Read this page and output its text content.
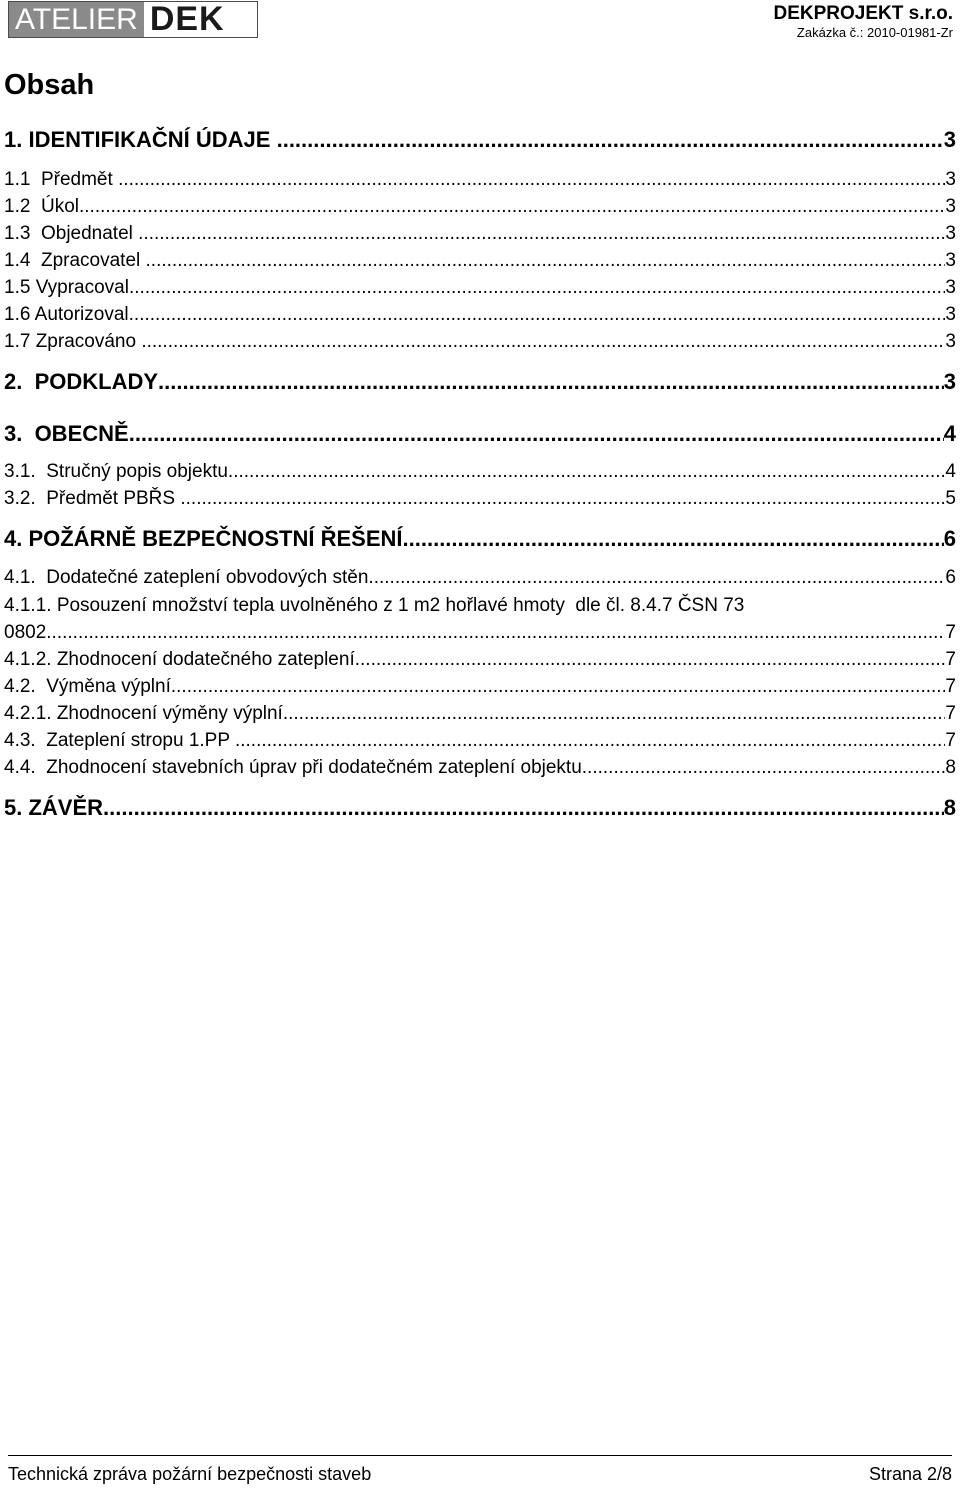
ATELIER DEK	DEKPROJEKT s.r.o.
Zakázka č.: 2010-01981-Zr
Obsah
1. IDENTIFIKAČNÍ ÚDAJE .....	3
1.1  Předmět .....	3
1.2  Úkol .....	3
1.3  Objednatel .....	3
1.4  Zpracovatel .....	3
1.5 Vypracoval .....	3
1.6 Autorizoval .....	3
1.7 Zpracováno .....	3
2.  PODKLADY .....	3
3.  OBECNĚ .....	4
3.1.  Stručný popis objektu .....	4
3.2.  Předmět PBŘS .....	5
4. POŽÁRNĚ BEZPEČNOSTNÍ ŘEŠENÍ .....	6
4.1.  Dodatečné zateplení obvodových stěn .....	6
4.1.1. Posouzení množství tepla uvolněného z 1 m2 hořlavé hmoty  dle čl. 8.4.7 ČSN 73
0802 .....	7
4.1.2. Zhodnocení dodatečného zateplení .....	7
4.2.  Výměna výplní .....	7
4.2.1. Zhodnocení výměny výplní .....	7
4.3.  Zateplení stropu 1.PP .....	7
4.4.  Zhodnocení stavebních úprav při dodatečném zateplení objektu .....	8
5. ZÁVĚR .....	8
Technická zpráva požární bezpečnosti staveb	Strana 2/8
